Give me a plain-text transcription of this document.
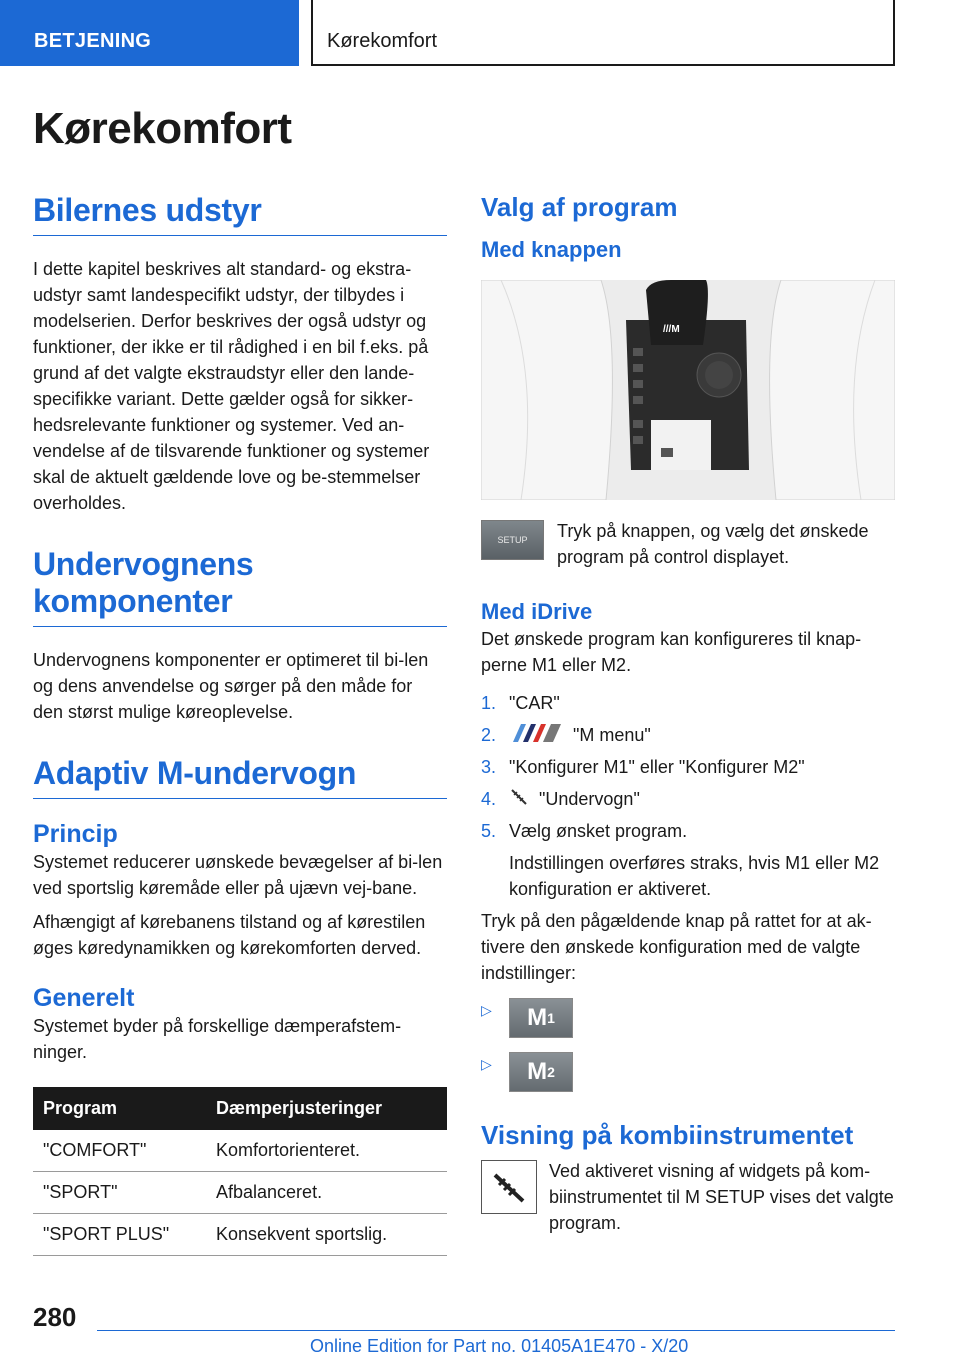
BETJENING	Kørekomfort
Kørekomfort
Bilernes udstyr

I dette kapitel beskrives alt standard- og ekstra-udstyr samt landespecifikt udstyr, der tilbydes i modelserien. Derfor beskrives der også udstyr og funktioner, der ikke er til rådighed i en bil f.eks. på grund af det valgte ekstraudstyr eller den lande-specifikke variant. Dette gælder også for sikker-hedsrelevante funktioner og systemer. Ved an-vendelse af de tilsvarende funktioner og systemer skal de aktuelt gældende love og be-stemmelser overholdes.

Undervognens
komponenter

Undervognens komponenter er optimeret til bi-len og dens anvendelse og sørger på den måde for den størst mulige køreoplevelse.

Adaptiv M-undervogn
Princip

Systemet reducerer uønskede bevægelser af bi-len ved sportslig køremåde eller på ujævn vej-bane.

Afhængigt af kørebanens tilstand og af kørestilen øges køredynamikken og kørekomforten derved.

Generelt

Systemet byder på forskellige dæmperafstem-ninger.

Program	Dæmperjusteringer
"COMFORT"	Komfortorienteret.
"SPORT"	Afbalanceret.
"SPORT PLUS"	Konsekvent sportslig.
Valg af program
Med knappen
///M
SETUP	Tryk på knappen, og vælg det ønskede program på control displayet.

Med iDrive

Det ønskede program kan konfigureres til knap-perne M1 eller M2.

1. "CAR"
2.	"M menu"
3. "Konfigurer M1" eller "Konfigurer M2"
4.	"Undervogn"
5. Vælg ønsket program.

Indstillingen overføres straks, hvis M1 eller M2 konfiguration er aktiveret.

Tryk på den pågældende knap på rattet for at ak-tivere den ønskede konfiguration med de valgte indstillinger:

▷	M 1
▷	M 2
Visning på kombiinstrumentet

Ved aktiveret visning af widgets på kom-biinstrumentet til M SETUP vises det valgte program.

280
Online Edition for Part no. 01405A1E470 - X/20
